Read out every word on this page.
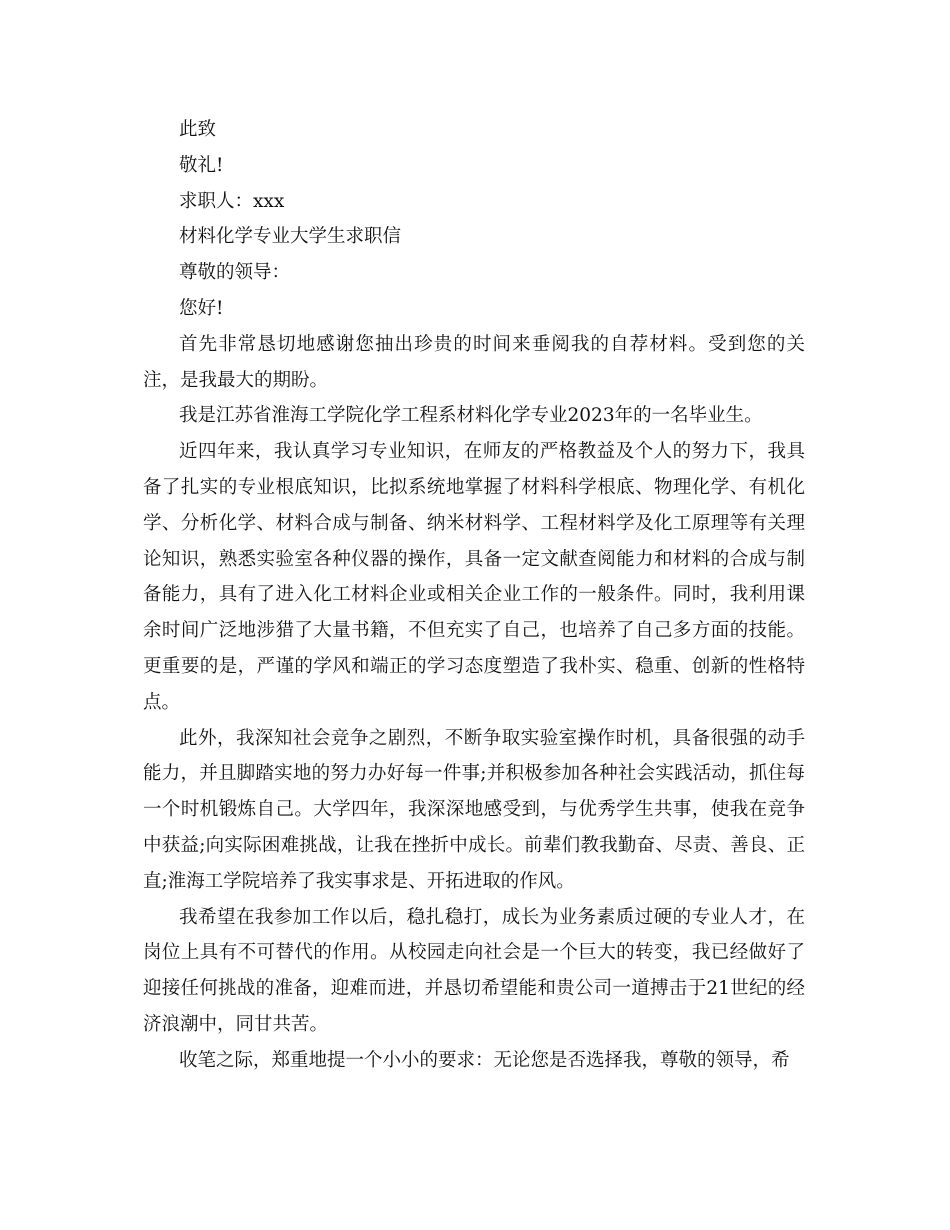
此致

敬礼!

求职人：xxx

材料化学专业大学生求职信

尊敬的领导：

您好!

首先非常恳切地感谢您抽出珍贵的时间来垂阅我的自荐材料。受到您的关注，是我最大的期盼。

我是江苏省淮海工学院化学工程系材料化学专业2023年的一名毕业生。

近四年来，我认真学习专业知识，在师友的严格教益及个人的努力下，我具备了扎实的专业根底知识，比拟系统地掌握了材料科学根底、物理化学、有机化学、分析化学、材料合成与制备、纳米材料学、工程材料学及化工原理等有关理论知识，熟悉实验室各种仪器的操作，具备一定文献查阅能力和材料的合成与制备能力，具有了进入化工材料企业或相关企业工作的一般条件。同时，我利用课余时间广泛地涉猎了大量书籍，不但充实了自己，也培养了自己多方面的技能。更重要的是，严谨的学风和端正的学习态度塑造了我朴实、稳重、创新的性格特点。

此外，我深知社会竞争之剧烈，不断争取实验室操作时机，具备很强的动手能力，并且脚踏实地的努力办好每一件事;并积极参加各种社会实践活动，抓住每一个时机锻炼自己。大学四年，我深深地感受到，与优秀学生共事，使我在竞争中获益;向实际困难挑战，让我在挫折中成长。前辈们教我勤奋、尽责、善良、正直;淮海工学院培养了我实事求是、开拓进取的作风。

我希望在我参加工作以后，稳扎稳打，成长为业务素质过硬的专业人才，在岗位上具有不可替代的作用。从校园走向社会是一个巨大的转变，我已经做好了迎接任何挑战的准备，迎难而进，并恳切希望能和贵公司一道搏击于21世纪的经济浪潮中，同甘共苦。

收笔之际，郑重地提一个小小的要求：无论您是否选择我，尊敬的领导，希
